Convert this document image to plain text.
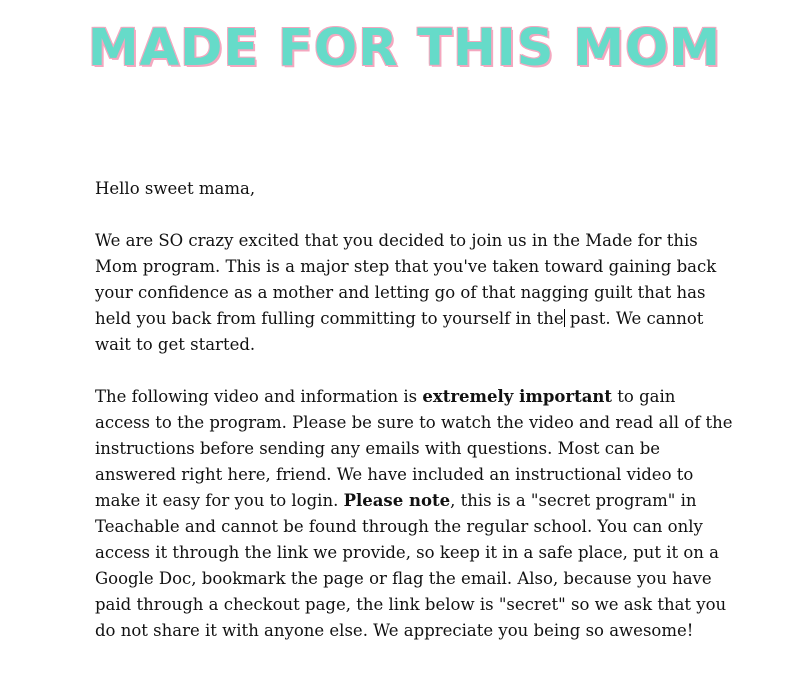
MADE FOR THIS MOM

Hello sweet mama,

We are SO crazy excited that you decided to join us in the Made for this Mom program. This is a major step that you've taken toward gaining back your confidence as a mother and letting go of that nagging guilt that has held you back from fulling committing to yourself in the past. We cannot wait to get started.

The following video and information is extremely important to gain access to the program. Please be sure to watch the video and read all of the instructions before sending any emails with questions. Most can be answered right here, friend. We have included an instructional video to make it easy for you to login. Please note, this is a "secret program" in Teachable and cannot be found through the regular school. You can only access it through the link we provide, so keep it in a safe place, put it on a Google Doc, bookmark the page or flag the email. Also, because you have paid through a checkout page, the link below is "secret" so we ask that you do not share it with anyone else. We appreciate you being so awesome!
